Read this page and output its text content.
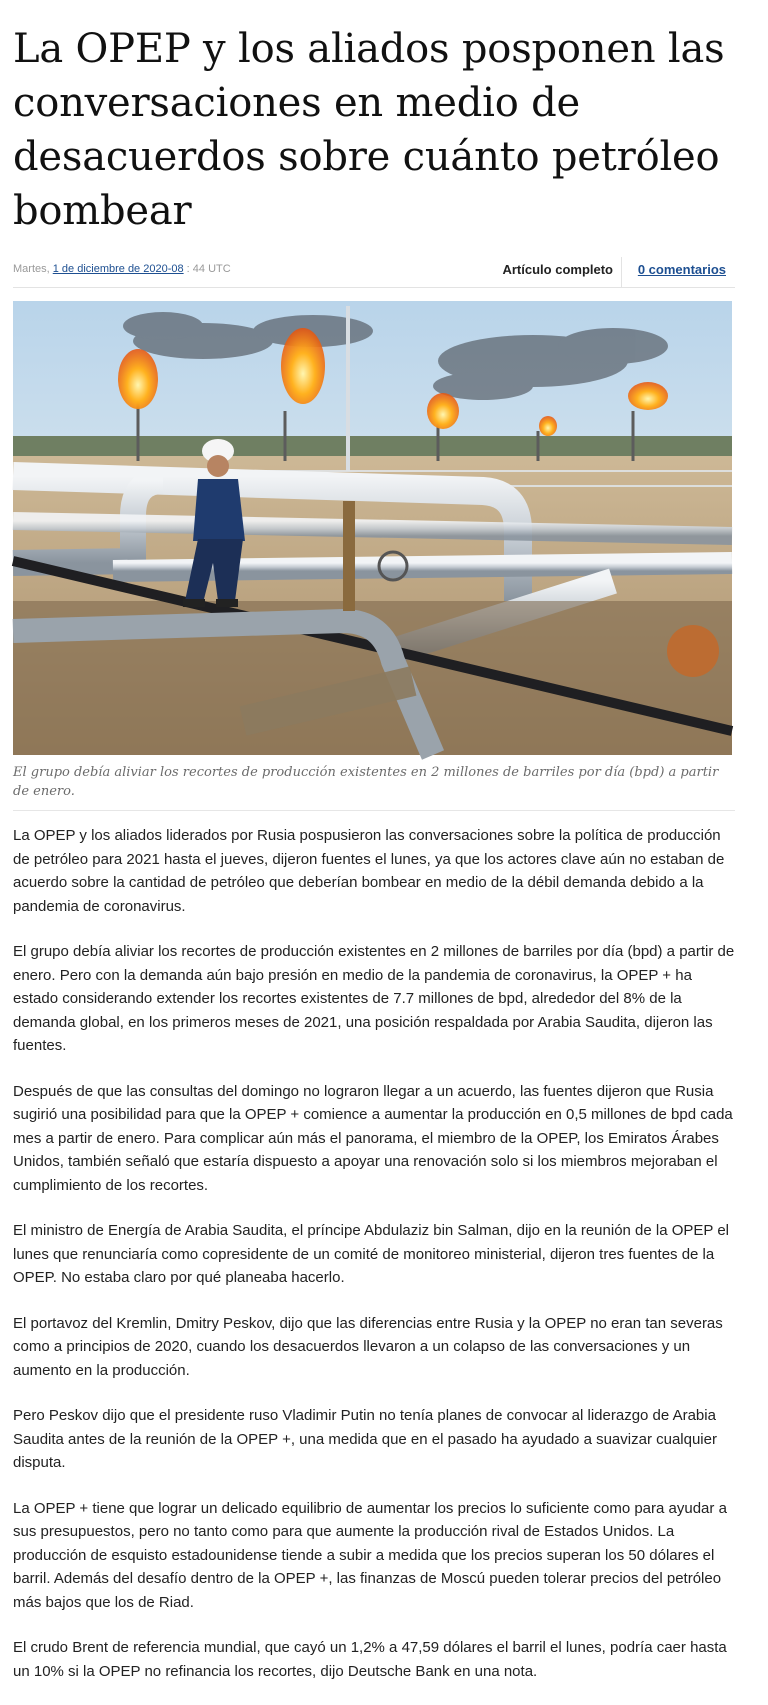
La OPEP y los aliados posponen las conversaciones en medio de desacuerdos sobre cuánto petróleo bombear
Martes, 1 de diciembre de 2020-08 : 44 UTC	Artículo completo 0 comentarios

El grupo debía aliviar los recortes de producción existentes en 2 millones de barriles por día (bpd) a partir de enero.

La OPEP y los aliados liderados por Rusia pospusieron las conversaciones sobre la política de producción de petróleo para 2021 hasta el jueves, dijeron fuentes el lunes, ya que los actores clave aún no estaban de acuerdo sobre la cantidad de petróleo que deberían bombear en medio de la débil demanda debido a la pandemia de coronavirus.

El grupo debía aliviar los recortes de producción existentes en 2 millones de barriles por día (bpd) a partir de enero. Pero con la demanda aún bajo presión en medio de la pandemia de coronavirus, la OPEP + ha estado considerando extender los recortes existentes de 7.7 millones de bpd, alrededor del 8% de la demanda global, en los primeros meses de 2021, una posición respaldada por Arabia Saudita, dijeron las fuentes.

Después de que las consultas del domingo no lograron llegar a un acuerdo, las fuentes dijeron que Rusia sugirió una posibilidad para que la OPEP + comience a aumentar la producción en 0,5 millones de bpd cada mes a partir de enero. Para complicar aún más el panorama, el miembro de la OPEP, los Emiratos Árabes Unidos, también señaló que estaría dispuesto a apoyar una renovación solo si los miembros mejoraban el cumplimiento de los recortes.

El ministro de Energía de Arabia Saudita, el príncipe Abdulaziz bin Salman, dijo en la reunión de la OPEP el lunes que renunciaría como copresidente de un comité de monitoreo ministerial, dijeron tres fuentes de la OPEP. No estaba claro por qué planeaba hacerlo.

El portavoz del Kremlin, Dmitry Peskov, dijo que las diferencias entre Rusia y la OPEP no eran tan severas como a principios de 2020, cuando los desacuerdos llevaron a un colapso de las conversaciones y un aumento en la producción.

Pero Peskov dijo que el presidente ruso Vladimir Putin no tenía planes de convocar al liderazgo de Arabia Saudita antes de la reunión de la OPEP +, una medida que en el pasado ha ayudado a suavizar cualquier disputa.

La OPEP + tiene que lograr un delicado equilibrio de aumentar los precios lo suficiente como para ayudar a sus presupuestos, pero no tanto como para que aumente la producción rival de Estados Unidos. La producción de esquisto estadounidense tiende a subir a medida que los precios superan los 50 dólares el barril. Además del desafío dentro de la OPEP +, las finanzas de Moscú pueden tolerar precios del petróleo más bajos que los de Riad.

El crudo Brent de referencia mundial, que cayó un 1,2% a 47,59 dólares el barril el lunes, podría caer hasta un 10% si la OPEP no refinancia los recortes, dijo Deutsche Bank en una nota.
